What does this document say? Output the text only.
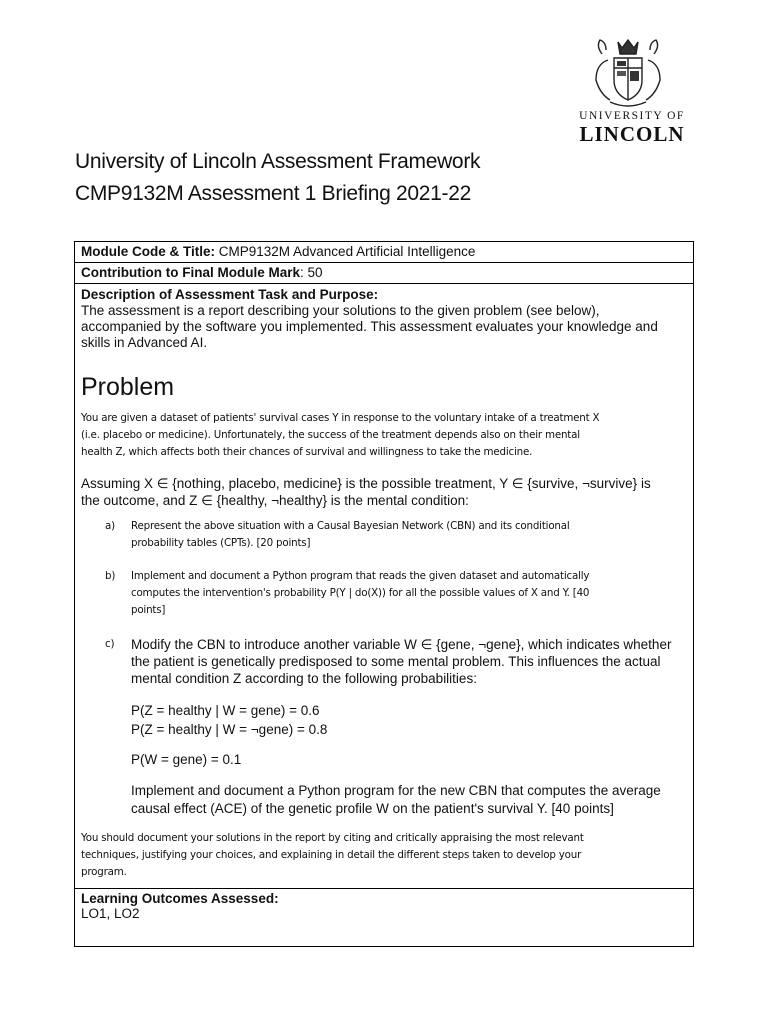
UNIVERSITY OF
LINCOLN
University of Lincoln Assessment Framework
CMP9132M Assessment 1 Briefing 2021-22
Module Code & Title: CMP9132M Advanced Artificial Intelligence
Contribution to Final Module Mark: 50
Description of Assessment Task and Purpose:
The assessment is a report describing your solutions to the given problem (see below),
accompanied by the software you implemented. This assessment evaluates your knowledge and
skills in Advanced AI.
Problem
You are given a dataset of patients' survival cases Y in response to the voluntary intake of a treatment X
(i.e. placebo or medicine). Unfortunately, the success of the treatment depends also on their mental
health Z, which affects both their chances of survival and willingness to take the medicine.
Assuming X ∈ {nothing, placebo, medicine} is the possible treatment, Y ∈ {survive, ¬survive} is
the outcome, and Z ∈ {healthy, ¬healthy} is the mental condition:
a) Represent the above situation with a Causal Bayesian Network (CBN) and its conditional
probability tables (CPTs). [20 points]
b) Implement and document a Python program that reads the given dataset and automatically
computes the intervention's probability P(Y | do(X)) for all the possible values of X and Y. [40
points]
c) Modify the CBN to introduce another variable W ∈ {gene, ¬gene}, which indicates whether
the patient is genetically predisposed to some mental problem. This influences the actual
mental condition Z according to the following probabilities:
P(Z = healthy | W = gene) = 0.6
P(Z = healthy | W = ¬gene) = 0.8
P(W = gene) = 0.1
Implement and document a Python program for the new CBN that computes the average
causal effect (ACE) of the genetic profile W on the patient's survival Y. [40 points]
You should document your solutions in the report by citing and critically appraising the most relevant
techniques, justifying your choices, and explaining in detail the different steps taken to develop your
program.
Learning Outcomes Assessed:
LO1, LO2
